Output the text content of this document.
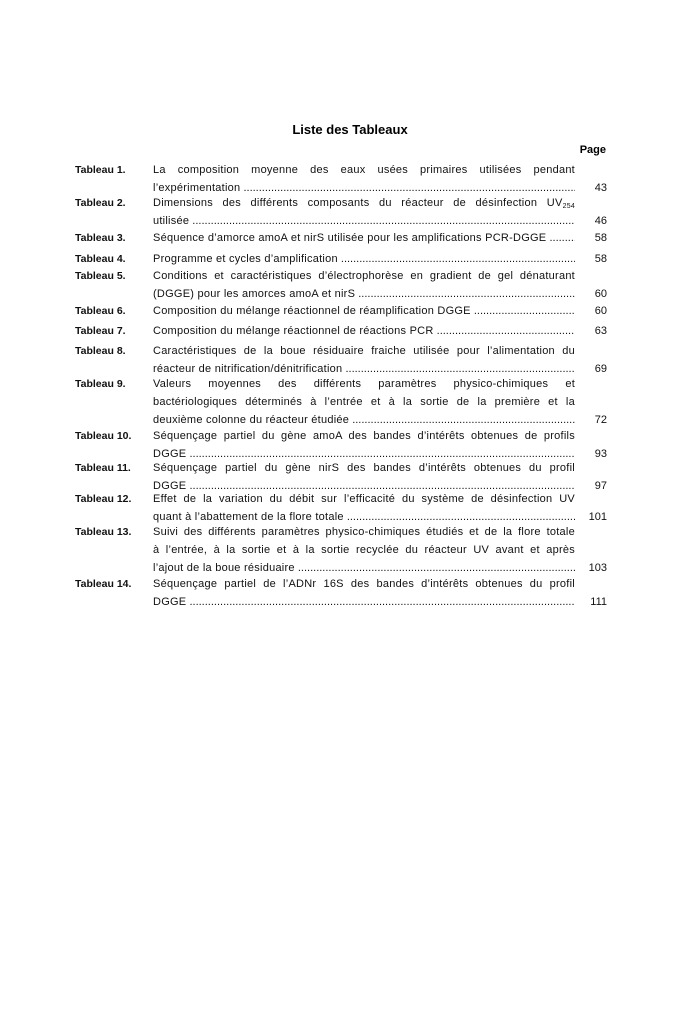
Liste des Tableaux
Page
Tableau 1.	La composition moyenne des eaux usées primaires utilisées pendant
l’expérimentation .....	43
Tableau 2.	Dimensions des différents composants du réacteur de désinfection $UV_{254}$
utilisée .....	46
Tableau 3.	Séquence d’amorce amoA et nirS utilisée pour les amplifications PCR-DGGE .....	58
Tableau 4.	Programme et cycles d’amplification .....	58
Tableau 5.	Conditions et caractéristiques d’électrophorèse en gradient de gel dénaturant
(DGGE) pour les amorces amoA et nirS .....	60
Tableau 6.	Composition du mélange réactionnel de réamplification DGGE .....	60
Tableau 7.	Composition du mélange réactionnel de réactions PCR .....	63
Tableau 8.	Caractéristiques de la boue résiduaire fraiche utilisée pour l’alimentation du
réacteur de nitrification/dénitrification .....	69
Tableau 9.	Valeurs moyennes des différents paramètres physico-chimiques et
bactériologiques déterminés à l’entrée et à la sortie de la première et la
deuxième colonne du réacteur étudiée .....	72
Tableau 10.	Séquençage partiel du gène amoA des bandes d’intérêts obtenues de profils
DGGE .....	93
Tableau 11.	Séquençage partiel du gène nirS des bandes d’intérêts obtenues du profil
DGGE .....	97
Tableau 12.	Effet de la variation du débit sur l’efficacité du système de désinfection UV
quant à l’abattement de la flore totale .....	101
Tableau 13.	Suivi des différents paramètres physico-chimiques étudiés et de la flore totale
à l’entrée, à la sortie et à la sortie recyclée du réacteur UV avant et après
l’ajout de la boue résiduaire .....	103
Tableau 14.	Séquençage partiel de l’ADNr 16S des bandes d’intérêts obtenues du profil
DGGE .....	111
